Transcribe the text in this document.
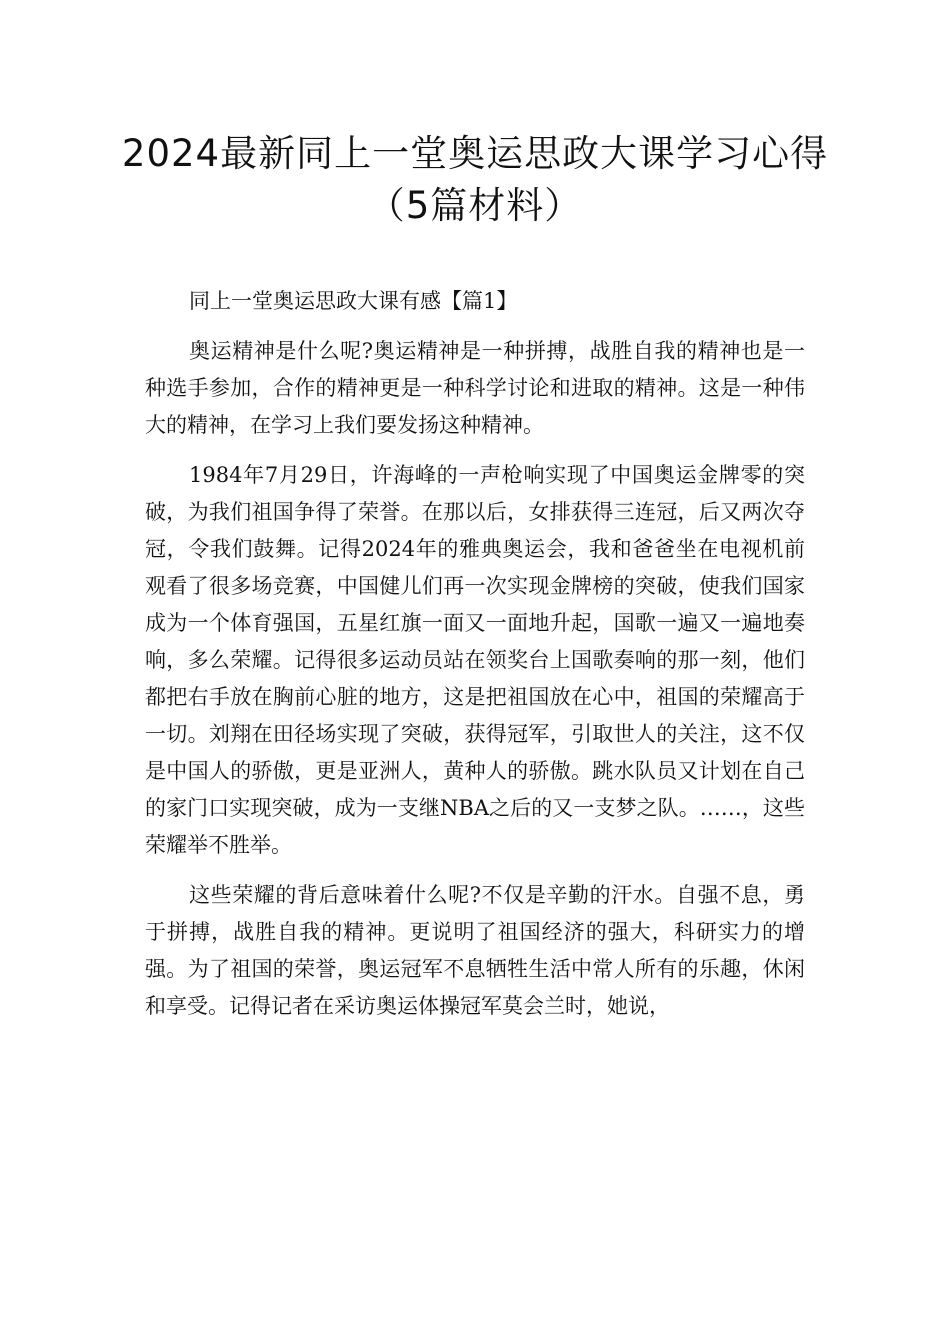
2024最新同上一堂奥运思政大课学习心得（5篇材料）

同上一堂奥运思政大课有感【篇1】

奥运精神是什么呢?奥运精神是一种拼搏，战胜自我的精神也是一种选手参加，合作的精神更是一种科学讨论和进取的精神。这是一种伟大的精神，在学习上我们要发扬这种精神。

1984年7月29日，许海峰的一声枪响实现了中国奥运金牌零的突破，为我们祖国争得了荣誉。在那以后，女排获得三连冠，后又两次夺冠，令我们鼓舞。记得2024年的雅典奥运会，我和爸爸坐在电视机前观看了很多场竞赛，中国健儿们再一次实现金牌榜的突破，使我们国家成为一个体育强国，五星红旗一面又一面地升起，国歌一遍又一遍地奏响，多么荣耀。记得很多运动员站在领奖台上国歌奏响的那一刻，他们都把右手放在胸前心脏的地方，这是把祖国放在心中，祖国的荣耀高于一切。刘翔在田径场实现了突破，获得冠军，引取世人的关注，这不仅是中国人的骄傲，更是亚洲人，黄种人的骄傲。跳水队员又计划在自己的家门口实现突破，成为一支继NBA之后的又一支梦之队。……，这些荣耀举不胜举。

这些荣耀的背后意味着什么呢?不仅是辛勤的汗水。自强不息，勇于拼搏，战胜自我的精神。更说明了祖国经济的强大，科研实力的增强。为了祖国的荣誉，奥运冠军不息牺牲生活中常人所有的乐趣，休闲和享受。记得记者在采访奥运体操冠军莫会兰时，她说，
